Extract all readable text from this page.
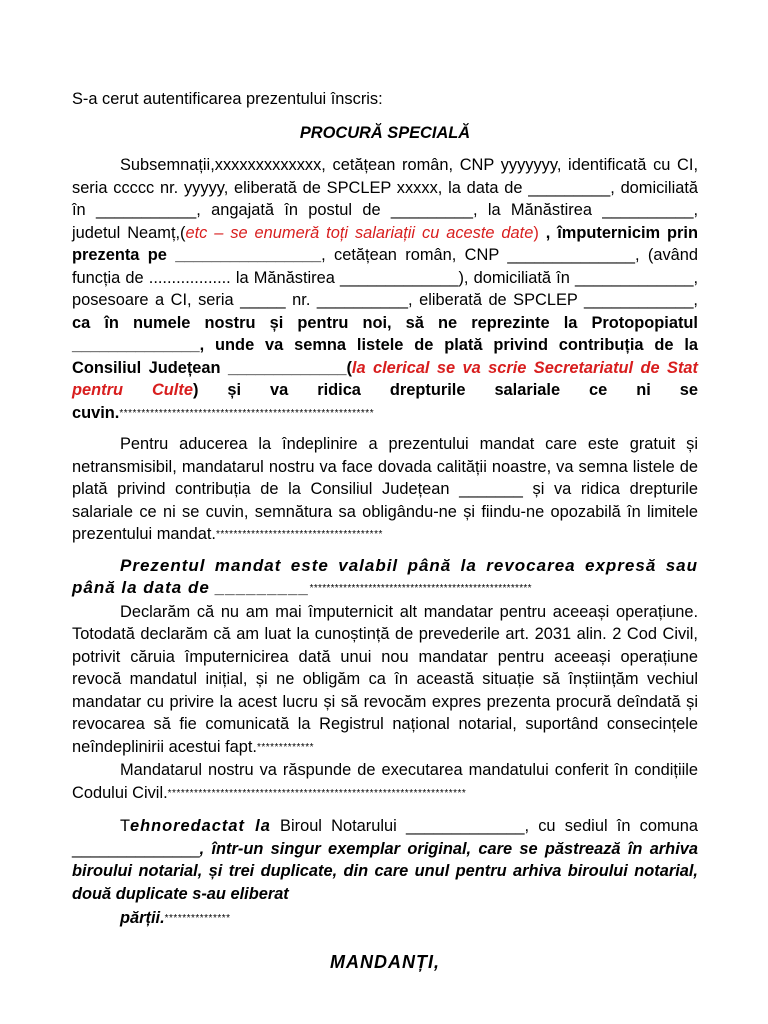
S-a cerut autentificarea prezentului înscris:

PROCURĂ SPECIALĂ

Subsemnații,xxxxxxxxxxxxx, cetățean român, CNP yyyyyyy, identificată cu CI, seria ccccc nr. yyyyy, eliberată de SPCLEP xxxxx, la data de _________, domiciliată în ___________, angajată în postul de _________, la Mănăstirea __________, judetul Neamț,(etc – se enumeră toți salariații cu aceste date) , împuternicim prin prezenta pe ________________, cetățean român, CNP ______________, (având funcția de .................. la Mănăstirea _____________), domiciliată în _____________, posesoare a CI, seria _____ nr. __________, eliberată de SPCLEP ____________, ca în numele nostru și pentru noi, să ne reprezinte la Protopopiatul ______________, unde va semna listele de plată privind contribuția de la Consiliul Județean _____________(la clerical se va scrie Secretariatul de Stat pentru Culte) și va ridica drepturile salariale ce ni se cuvin.**********************************************************

Pentru aducerea la îndeplinire a prezentului mandat care este gratuit și netransmisibil, mandatarul nostru va face dovada calității noastre, va semna listele de plată privind contribuția de la Consiliul Județean _______ și va ridica drepturile salariale ce ni se cuvin, semnătura sa obligându-ne și fiindu-ne opozabilă în limitele prezentului mandat.**************************************

Prezentul mandat este valabil până la revocarea expresă sau până la data de _________*****************************************************

Declarăm că nu am mai împuternicit alt mandatar pentru aceeași operațiune. Totodată declarăm că am luat la cunoștință de prevederile art. 2031 alin. 2 Cod Civil, potrivit căruia împuternicirea dată unui nou mandatar pentru aceeași operațiune revocă mandatul inițial, și ne obligăm ca în această situație să înștiințăm vechiul mandatar cu privire la acest lucru și să revocăm expres prezenta procură deîndată și revocarea să fie comunicată la Registrul național notarial, suportând consecințele neîndeplinirii acestui fapt.*************

Mandatarul nostru va răspunde de executarea mandatului conferit în condițiile Codului Civil.********************************************************************

Tehnoredactat la Biroul Notarului _____________, cu sediul în comuna ______________, într-un singur exemplar original, care se păstrează în arhiva biroului notarial, și trei duplicate, din care unul pentru arhiva biroului notarial, două duplicate s-au eliberat

părții.***************

MANDANȚI,
